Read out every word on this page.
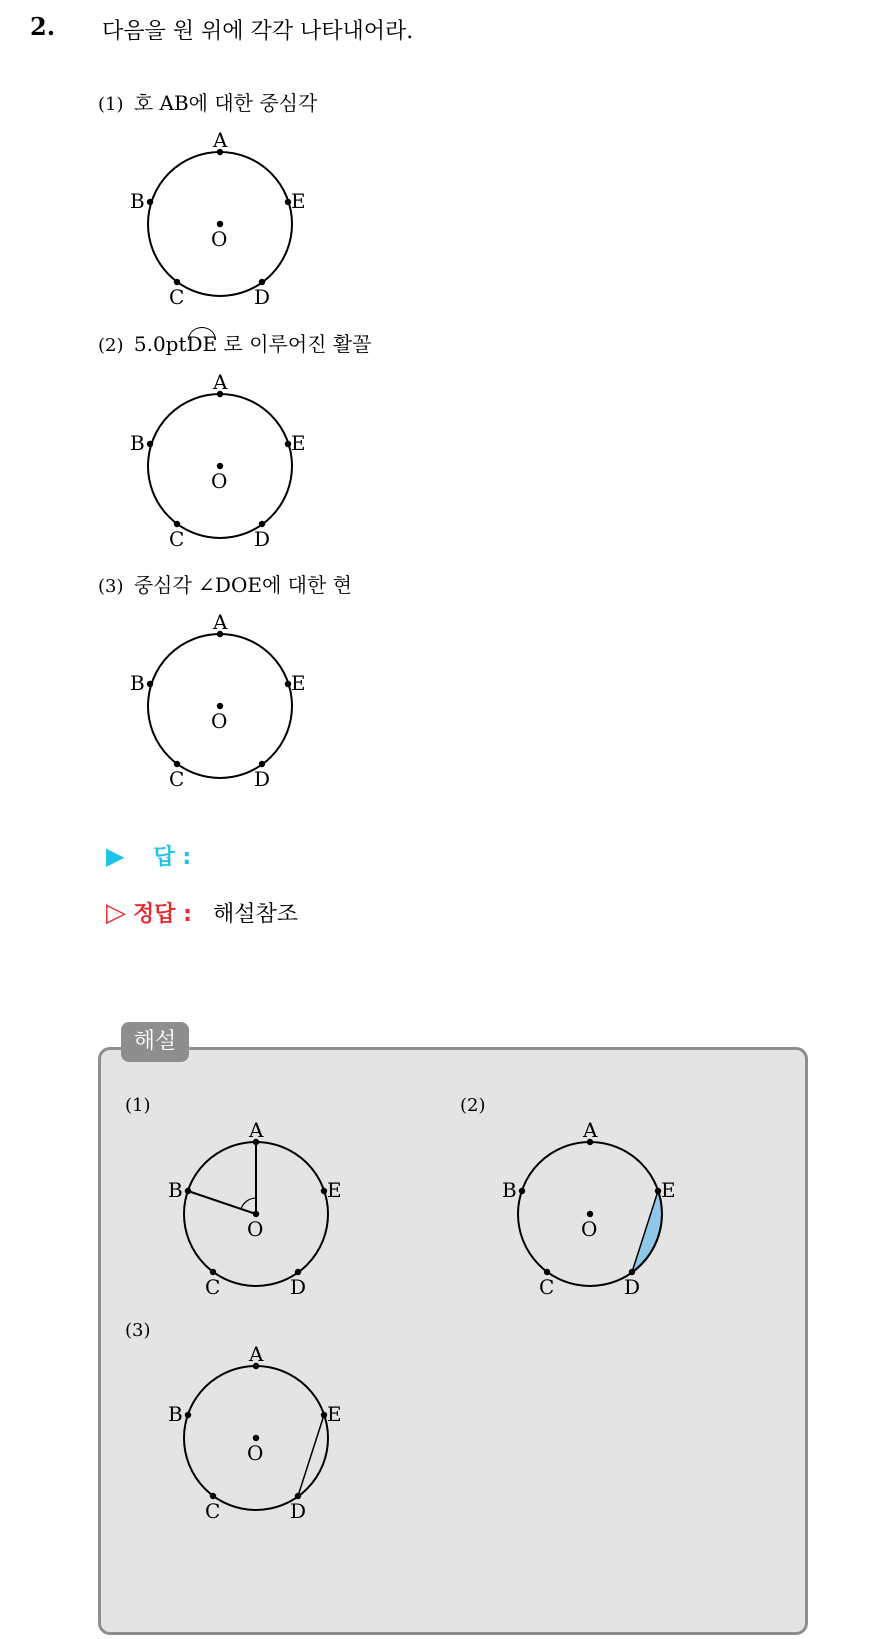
2. 다음을 원 위에 각각 나타내어라.
(1) 호 AB에 대한 중심각
A
B	E
C	D
O
(2) 5.0ptDE 로 이루어진 활꼴
A
B	E
C	D
O
(3) 중심각 ∠DOE에 대한 현
A
B	E
C	D
O
▶ 답 :
▷ 정답 : 해설참조
해설
(1)	(2)
(3)
A
B	E
C	D
O
A
B	E
C	D
O
A
B	E
C	D
O
